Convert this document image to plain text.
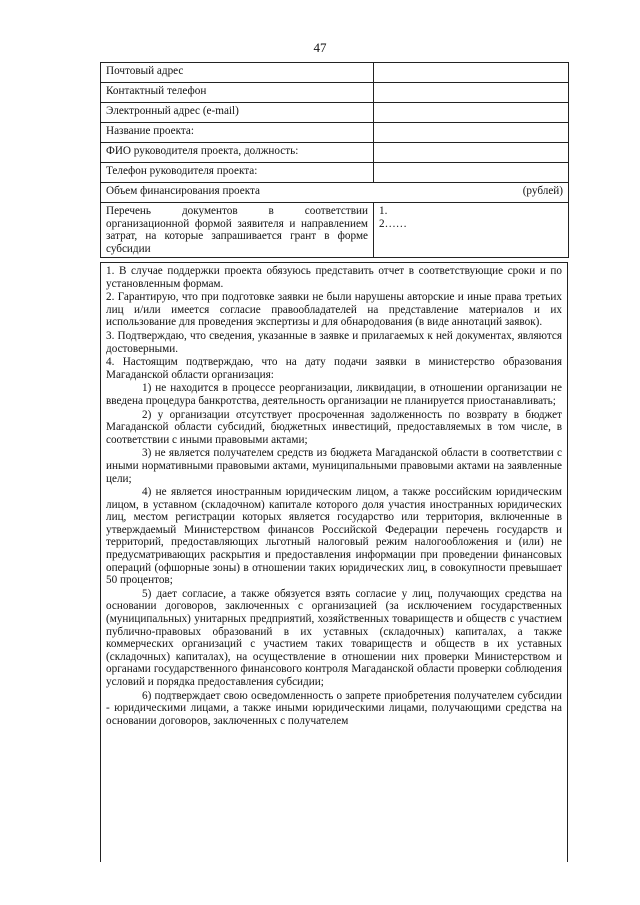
47
Почтовый адрес	
Контактный телефон	
Электронный адрес (e-mail)	
Название проекта:	
ФИО руководителя проекта, должность:	
Телефон руководителя проекта:	

Объем финансирования проекта (рублей)	

Перечень документов в соответствии организационной формой заявителя и направлением затрат, на которые запрашивается грант в форме субсидии	1.
2……

1. В случае поддержки проекта обязуюсь представить отчет в соответствующие сроки и по установленным формам.

2. Гарантирую, что при подготовке заявки не были нарушены авторские и иные права третьих лиц и/или имеется согласие правообладателей на представление материалов и их использование для проведения экспертизы и для обнародования (в виде аннотаций заявок).

3. Подтверждаю, что сведения, указанные в заявке и прилагаемых к ней документах, являются достоверными.

4. Настоящим подтверждаю, что на дату подачи заявки в министерство образования Магаданской области организация:

1) не находится в процессе реорганизации, ликвидации, в отношении организации не введена процедура банкротства, деятельность организации не планируется приостанавливать;

2) у организации отсутствует просроченная задолженность по возврату в бюджет Магаданской области субсидий, бюджетных инвестиций, предоставляемых в том числе, в соответствии с иными правовыми актами;

3) не является получателем средств из бюджета Магаданской области в соответствии с иными нормативными правовыми актами, муниципальными правовыми актами на заявленные цели;

4) не является иностранным юридическим лицом, а также российским юридическим лицом, в уставном (складочном) капитале которого доля участия иностранных юридических лиц, местом регистрации которых является государство или территория, включенные в утверждаемый Министерством финансов Российской Федерации перечень государств и территорий, предоставляющих льготный налоговый режим налогообложения и (или) не предусматривающих раскрытия и предоставления информации при проведении финансовых операций (офшорные зоны) в отношении таких юридических лиц, в совокупности превышает 50 процентов;

5) дает согласие, а также обязуется взять согласие у лиц, получающих средства на основании договоров, заключенных с организацией (за исключением государственных (муниципальных) унитарных предприятий, хозяйственных товариществ и обществ с участием публично-правовых образований в их уставных (складочных) капиталах, а также коммерческих организаций с участием таких товариществ и обществ в их уставных (складочных) капиталах), на осуществление в отношении них проверки Министерством и органами государственного финансового контроля Магаданской области проверки соблюдения условий и порядка предоставления субсидии;

6) подтверждает свою осведомленность о запрете приобретения получателем субсидии - юридическими лицами, а также иными юридическими лицами, получающими средства на основании договоров, заключенных с получателем
